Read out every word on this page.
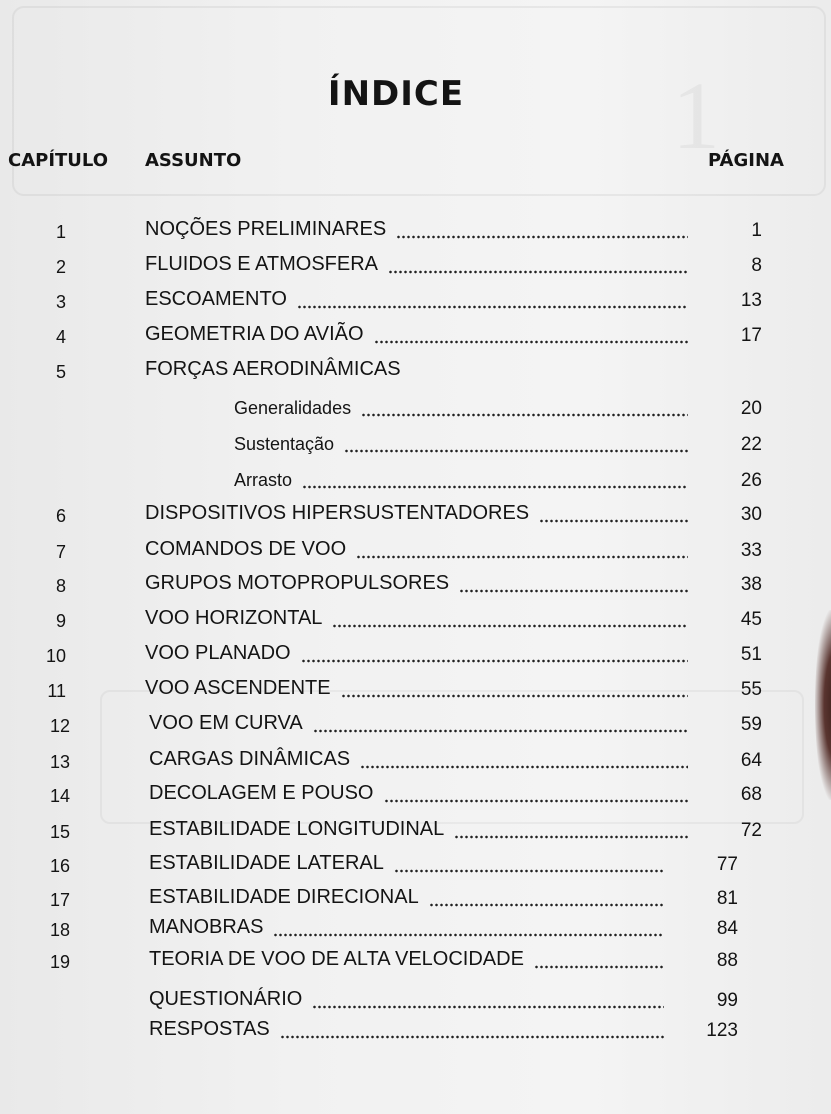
1
ÍNDICE
CAPÍTULO ASSUNTO	PÁGINA
1	NOÇÕES PRELIMINARES	1
2	FLUIDOS E ATMOSFERA	8
3	ESCOAMENTO	13
4	GEOMETRIA DO AVIÃO	17
5	FORÇAS AERODINÂMICAS
Generalidades	20
Sustentação	22
Arrasto	26
6	DISPOSITIVOS HIPERSUSTENTADORES	30
7	COMANDOS DE VOO	33
8	GRUPOS MOTOPROPULSORES	38
9	VOO HORIZONTAL	45
10	VOO PLANADO	51
11	VOO ASCENDENTE	55
12	VOO EM CURVA	59
13	CARGAS DINÂMICAS	64
14	DECOLAGEM E POUSO	68
15	ESTABILIDADE LONGITUDINAL	72
16	ESTABILIDADE LATERAL	77
17	ESTABILIDADE DIRECIONAL	81
18	MANOBRAS	84
19	TEORIA DE VOO DE ALTA VELOCIDADE	88
QUESTIONÁRIO	99
RESPOSTAS	123
